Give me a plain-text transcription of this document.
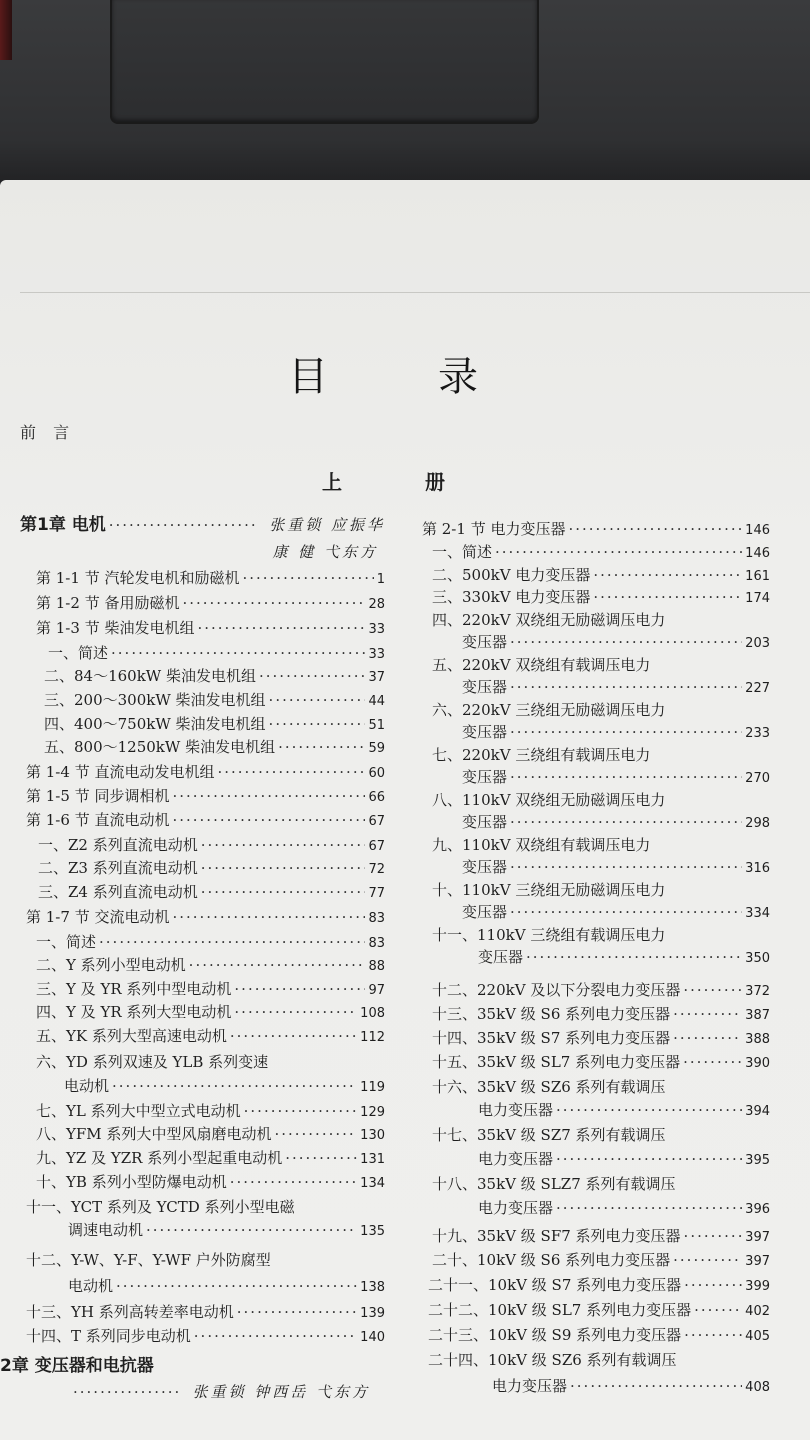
目	录
前 言
上	册
第1章 电机 ·····	张重锁 应振华
康 健 弋东方
第 1-1 节 汽轮发电机和励磁机 ·····	1
第 1-2 节 备用励磁机 ·····	28
第 1-3 节 柴油发电机组 ·····	33
一、简述 ·····	33
二、84～160kW 柴油发电机组 ·····	37
三、200～300kW 柴油发电机组 ·····	44
四、400～750kW 柴油发电机组 ·····	51
五、800～1250kW 柴油发电机组 ·····	59
第 1-4 节 直流电动发电机组 ·····	60
第 1-5 节 同步调相机 ·····	66
第 1-6 节 直流电动机 ·····	67
一、Z2 系列直流电动机 ·····	67
二、Z3 系列直流电动机 ·····	72
三、Z4 系列直流电动机 ·····	77
第 1-7 节 交流电动机 ·····	83
一、简述 ·····	83
二、Y 系列小型电动机 ·····	88
三、Y 及 YR 系列中型电动机 ·····	97
四、Y 及 YR 系列大型电动机 ·····	108
五、YK 系列大型高速电动机 ·····	112
六、YD 系列双速及 YLB 系列变速
电动机 ·····	119
七、YL 系列大中型立式电动机 ·····	129
八、YFM 系列大中型风扇磨电动机 ·····	130
九、YZ 及 YZR 系列小型起重电动机 ·····	131
十、YB 系列小型防爆电动机 ·····	134
十一、YCT 系列及 YCTD 系列小型电磁
调速电动机 ·····	135
十二、Y-W、Y-F、Y-WF 户外防腐型
电动机 ·····	138
十三、YH 系列高转差率电动机 ·····	139
十四、T 系列同步电动机 ·····	140
2章 变压器和电抗器
·····
张重锁 钟西岳 弋东方
第 2-1 节 电力变压器 ·····	146
一、简述 ·····	146
二、500kV 电力变压器 ·····	161
三、330kV 电力变压器 ·····	174
四、220kV 双绕组无励磁调压电力
变压器 ·····	203
五、220kV 双绕组有载调压电力
变压器 ·····	227
六、220kV 三绕组无励磁调压电力
变压器 ·····	233
七、220kV 三绕组有载调压电力
变压器 ·····	270
八、110kV 双绕组无励磁调压电力
变压器 ·····	298
九、110kV 双绕组有载调压电力
变压器 ·····	316
十、110kV 三绕组无励磁调压电力
变压器 ·····	334
十一、110kV 三绕组有载调压电力
变压器 ·····	350
十二、220kV 及以下分裂电力变压器 ·····	372
十三、35kV 级 S6 系列电力变压器 ·····	387
十四、35kV 级 S7 系列电力变压器 ·····	388
十五、35kV 级 SL7 系列电力变压器 ·····	390
十六、35kV 级 SZ6 系列有载调压
电力变压器 ·····	394
十七、35kV 级 SZ7 系列有载调压
电力变压器 ·····	395
十八、35kV 级 SLZ7 系列有载调压
电力变压器 ·····	396
十九、35kV 级 SF7 系列电力变压器 ·····	397
二十、10kV 级 S6 系列电力变压器 ·····	397
二十一、10kV 级 S7 系列电力变压器 ·····	399
二十二、10kV 级 SL7 系列电力变压器 ·····	402
二十三、10kV 级 S9 系列电力变压器 ·····	405
二十四、10kV 级 SZ6 系列有载调压
电力变压器 ·····	408
